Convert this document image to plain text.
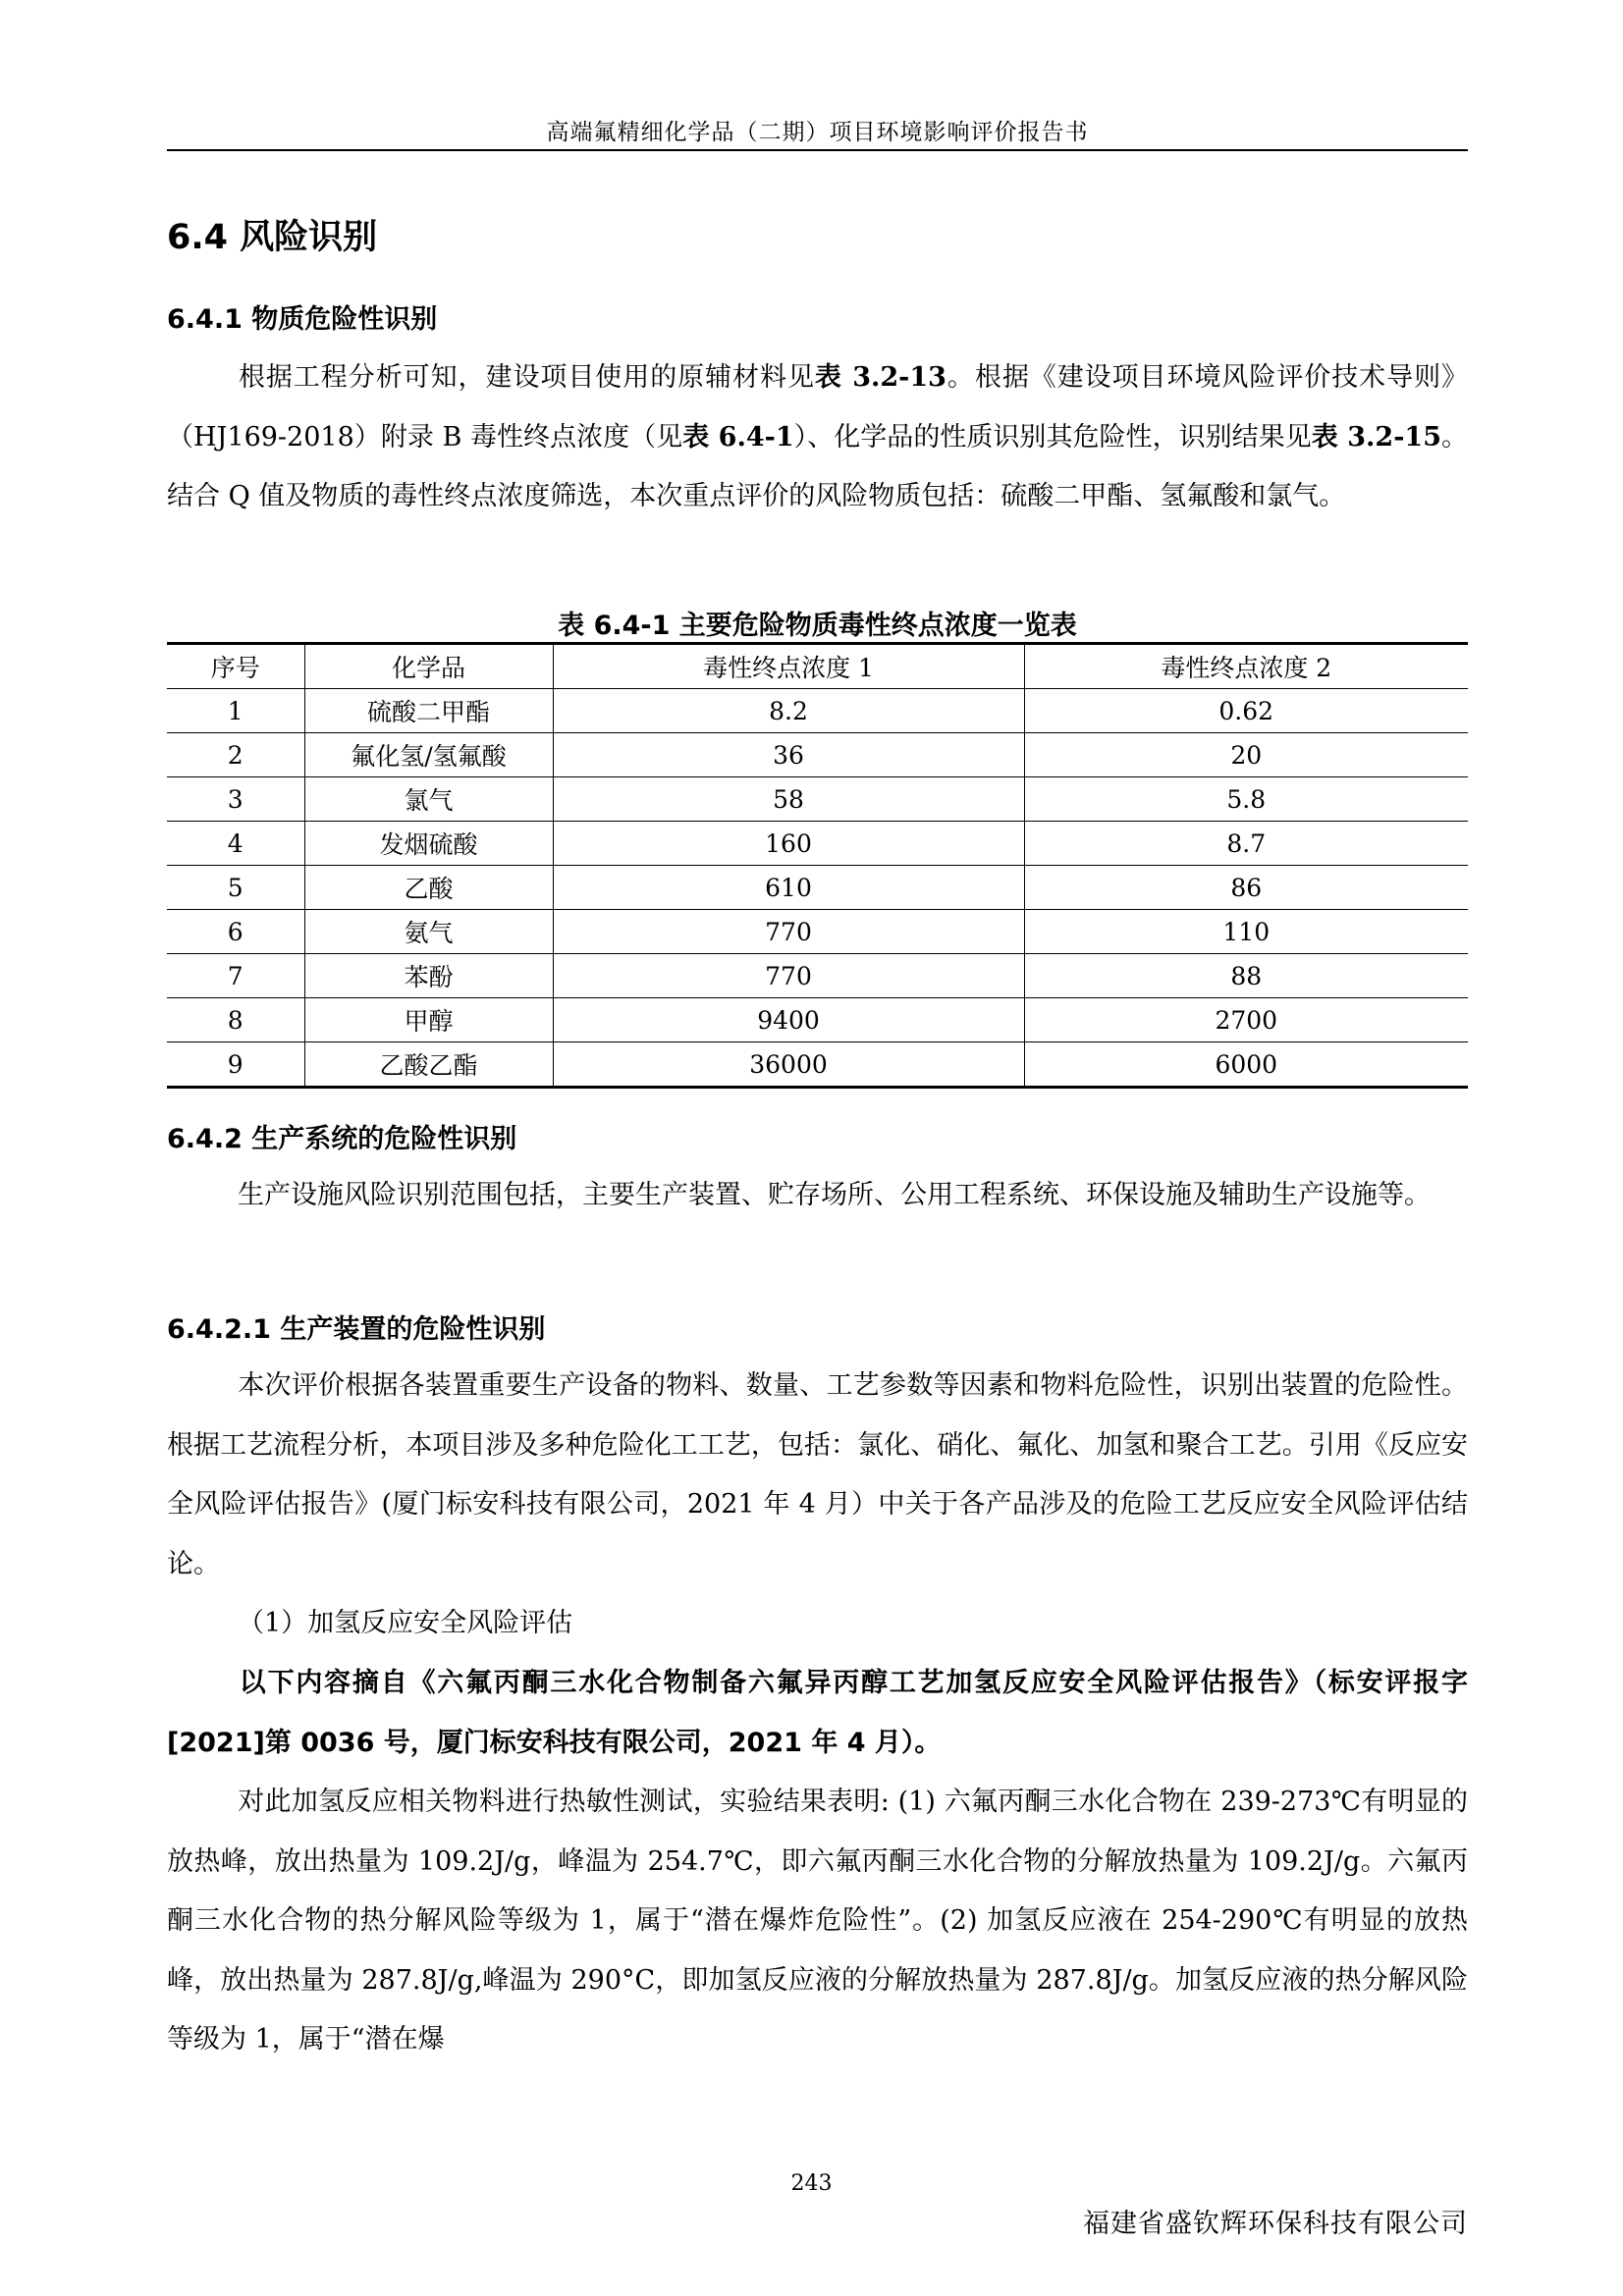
高端氟精细化学品（二期）项目环境影响评价报告书
6.4 风险识别
6.4.1 物质危险性识别
根据工程分析可知，建设项目使用的原辅材料见表 3.2-13。根据《建设项目环境风险评价技术导则》（HJ169-2018）附录 B 毒性终点浓度（见表 6.4-1）、化学品的性质识别其危险性，识别结果见表 3.2-15。结合 Q 值及物质的毒性终点浓度筛选，本次重点评价的风险物质包括：硫酸二甲酯、氢氟酸和氯气。
表 6.4-1 主要危险物质毒性终点浓度一览表
序号	化学品	毒性终点浓度 1	毒性终点浓度 2
1	硫酸二甲酯	8.2	0.62
2	氟化氢/氢氟酸	36	20
3	氯气	58	5.8
4	发烟硫酸	160	8.7
5	乙酸	610	86
6	氨气	770	110
7	苯酚	770	88
8	甲醇	9400	2700
9	乙酸乙酯	36000	6000
6.4.2 生产系统的危险性识别
生产设施风险识别范围包括，主要生产装置、贮存场所、公用工程系统、环保设施及辅助生产设施等。
6.4.2.1 生产装置的危险性识别
本次评价根据各装置重要生产设备的物料、数量、工艺参数等因素和物料危险性，识别出装置的危险性。根据工艺流程分析，本项目涉及多种危险化工工艺，包括：氯化、硝化、氟化、加氢和聚合工艺。引用《反应安全风险评估报告》(厦门标安科技有限公司，2021 年 4 月）中关于各产品涉及的危险工艺反应安全风险评估结论。
（1）加氢反应安全风险评估
以下内容摘自《六氟丙酮三水化合物制备六氟异丙醇工艺加氢反应安全风险评估报告》（标安评报字[2021]第 0036 号，厦门标安科技有限公司，2021 年 4 月）。
对此加氢反应相关物料进行热敏性测试，实验结果表明: (1) 六氟丙酮三水化合物在 239-273℃有明显的放热峰，放出热量为 109.2J/g，峰温为 254.7℃，即六氟丙酮三水化合物的分解放热量为 109.2J/g。六氟丙酮三水化合物的热分解风险等级为 1，属于“潜在爆炸危险性”。(2) 加氢反应液在 254-290℃有明显的放热峰，放出热量为 287.8J/g,峰温为 290°C，即加氢反应液的分解放热量为 287.8J/g。加氢反应液的热分解风险等级为 1，属于“潜在爆
243
福建省盛钦辉环保科技有限公司
